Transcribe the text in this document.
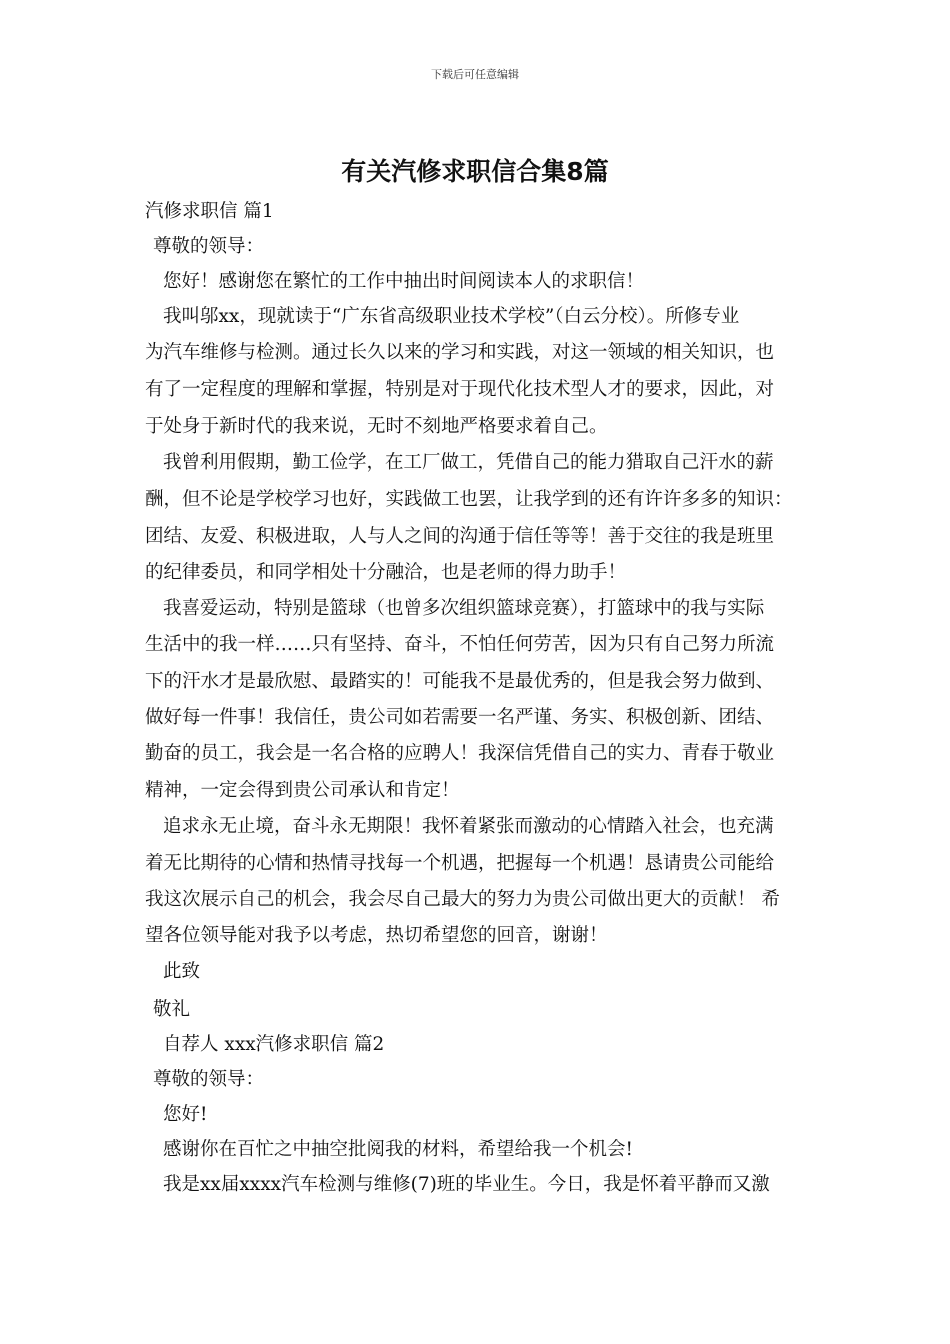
下载后可任意编辑
有关汽修求职信合集8篇
汽修求职信 篇1
尊敬的领导：
您好！感谢您在繁忙的工作中抽出时间阅读本人的求职信！
我叫邬xx，现就读于“广东省高级职业技术学校”（白云分校）。所修专业
为汽车维修与检测。通过长久以来的学习和实践，对这一领域的相关知识，也
有了一定程度的理解和掌握，特别是对于现代化技术型人才的要求，因此，对
于处身于新时代的我来说，无时不刻地严格要求着自己。
我曾利用假期，勤工俭学，在工厂做工，凭借自己的能力猎取自己汗水的薪
酬，但不论是学校学习也好，实践做工也罢，让我学到的还有许许多多的知识：
团结、友爱、积极进取，人与人之间的沟通于信任等等！善于交往的我是班里
的纪律委员，和同学相处十分融洽，也是老师的得力助手！
我喜爱运动，特别是篮球（也曾多次组织篮球竞赛），打篮球中的我与实际
生活中的我一样……只有坚持、奋斗，不怕任何劳苦，因为只有自己努力所流
下的汗水才是最欣慰、最踏实的！可能我不是最优秀的，但是我会努力做到、
做好每一件事！我信任，贵公司如若需要一名严谨、务实、积极创新、团结、
勤奋的员工，我会是一名合格的应聘人！我深信凭借自己的实力、青春于敬业
精神，一定会得到贵公司承认和肯定！
追求永无止境，奋斗永无期限！我怀着紧张而激动的心情踏入社会，也充满
着无比期待的心情和热情寻找每一个机遇，把握每一个机遇！恳请贵公司能给
我这次展示自己的机会，我会尽自己最大的努力为贵公司做出更大的贡献！ 希
望各位领导能对我予以考虑，热切希望您的回音，谢谢！
此致
敬礼
自荐人 xxx汽修求职信 篇2
尊敬的领导：
您好!
感谢你在百忙之中抽空批阅我的材料，希望给我一个机会!
我是xx届xxxx汽车检测与维修(7)班的毕业生。今日，我是怀着平静而又激
